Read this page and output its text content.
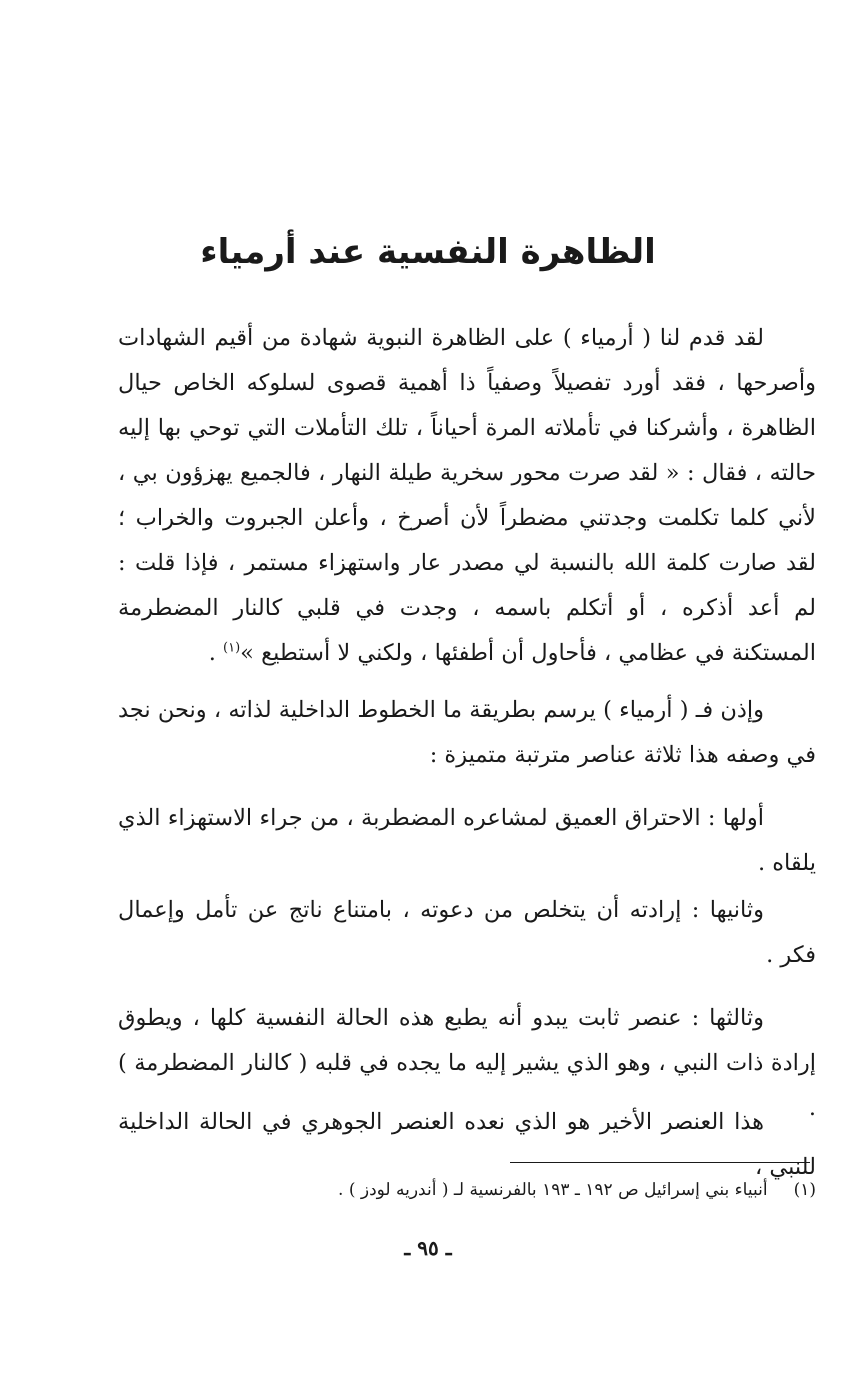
الظاهرة النفسية عند أرمياء

لقد قدم لنا ( أرمياء ) على الظاهرة النبوية شهادة من أقيم الشهادات وأصرحها ، فقد أورد تفصيلاً وصفياً ذا أهمية قصوى لسلوكه الخاص حيال الظاهرة ، وأشركنا في تأملاته المرة أحياناً ، تلك التأملات التي توحي بها إليه حالته ، فقال : « لقد صرت محور سخرية طيلة النهار ، فالجميع يهزؤون بي ، لأني كلما تكلمت وجدتني مضطراً لأن أصرخ ، وأعلن الجبروت والخراب ؛ لقد صارت كلمة الله بالنسبة لي مصدر عار واستهزاء مستمر ، فإذا قلت : لم أعد أذكره ، أو أتكلم باسمه ، وجدت في قلبي كالنار المضطرمة المستكنة في عظامي ، فأحاول أن أطفئها ، ولكني لا أستطيع »$^{(١)}$ .

وإذن فـ ( أرمياء ) يرسم بطريقة ما الخطوط الداخلية لذاته ، ونحن نجد في وصفه هذا ثلاثة عناصر مترتبة متميزة :

أولها : الاحتراق العميق لمشاعره المضطربة ، من جراء الاستهزاء الذي يلقاه .

وثانيها : إرادته أن يتخلص من دعوته ، بامتناع ناتج عن تأمل وإعمال فكر .

وثالثها : عنصر ثابت يبدو أنه يطبع هذه الحالة النفسية كلها ، ويطوق إرادة ذات النبي ، وهو الذي يشير إليه ما يجده في قلبه ( كالنار المضطرمة ) .

هذا العنصر الأخير هو الذي نعده العنصر الجوهري في الحالة الداخلية للنبي ،

(١)أنبياء بني إسرائيل ص ١٩٢ ـ ١٩٣ بالفرنسية لـ ( أندريه لودز ) .

ـ ٩٥ ـ
